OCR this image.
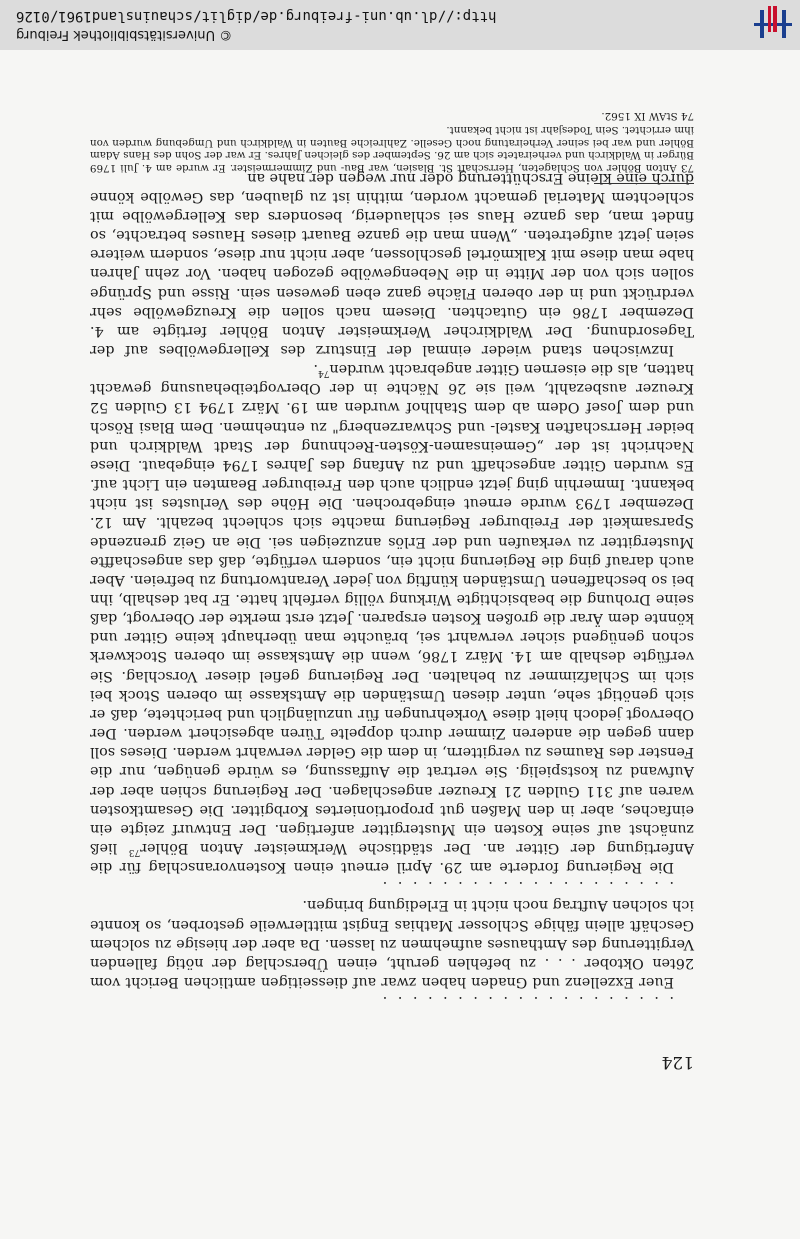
© Universitätsbibliothek Freiburg
http://dl.ub.uni-freiburg.de/diglit/schauinsland1961/0126
124

. . . . . . . . . . . . . . . . . . . .

Euer Exzellenz und Gnaden haben zwar auf diesseitigen amtlichen Bericht vom 26ten Oktober . . . zu befehlen geruht, einen Überschlag der nötig fallenden Vergitterung des Amthauses aufnehmen zu lassen. Da aber der hiesige zu solchem Geschäft allein fähige Schlosser Mathias Engist mittlerweile gestorben, so konnte ich solchen Auftrag noch nicht in Erledigung bringen.

. . . . . . . . . . . . . . . . . . . .

Die Regierung forderte am 29. April erneut einen Kostenvoranschlag für die Anfertigung der Gitter an. Der städtische Werkmeister Anton Böhler$^{73}$ ließ zunächst auf seine Kosten ein Mustergitter anfertigen. Der Entwurf zeigte ein einfaches, aber in den Maßen gut proportioniertes Korbgitter. Die Gesamtkosten waren auf 311 Gulden 21 Kreuzer angeschlagen. Der Regierung schien aber der Aufwand zu kostspielig. Sie vertrat die Auffassung, es würde genügen, nur die Fenster des Raumes zu vergittern, in dem die Gelder verwahrt werden. Dieses soll dann gegen die anderen Zimmer durch doppelte Türen abgesichert werden. Der Obervogt jedoch hielt diese Vorkehrungen für unzulänglich und berichtete, daß er sich genötigt sehe, unter diesen Umständen die Amtskasse im oberen Stock bei sich im Schlafzimmer zu behalten. Der Regierung gefiel dieser Vorschlag. Sie verfügte deshalb am 14. März 1786, wenn die Amtskasse im oberen Stockwerk schon genügend sicher verwahrt sei, bräuchte man überhaupt keine Gitter und könnte dem Ärar die großen Kosten ersparen. Jetzt erst merkte der Obervogt, daß seine Drohung die beabsichtigte Wirkung völlig verfehlt hatte. Er bat deshalb, ihn bei so beschaffenen Umständen künftig von jeder Verantwortung zu befreien. Aber auch darauf ging die Regierung nicht ein, sondern verfügte, daß das angeschaffte Mustergitter zu verkaufen und der Erlös anzuzeigen sei. Die an Geiz grenzende Sparsamkeit der Freiburger Regierung machte sich schlecht bezahlt. Am 12. Dezember 1793 wurde erneut eingebrochen. Die Höhe des Verlustes ist nicht bekannt. Immerhin ging jetzt endlich auch den Freiburger Beamten ein Licht auf. Es wurden Gitter angeschafft und zu Anfang des Jahres 1794 eingebaut. Diese Nachricht ist der „Gemeinsamen-Kösten-Rechnung der Stadt Waldkirch und beider Herrschaften Kastel- und Schwarzenberg" zu entnehmen. Dem Blasi Rösch und dem Josef Odem ab dem Stahlhof wurden am 19. März 1794 13 Gulden 52 Kreuzer ausbezahlt, weil sie 26 Nächte in der Obervogteibehausung gewacht hatten, als die eisernen Gitter angebracht wurden$^{74}$.

Inzwischen stand wieder einmal der Einsturz des Kellergewölbes auf der Tagesordnung. Der Waldkircher Werkmeister Anton Böhler fertigte am 4. Dezember 1786 ein Gutachten. Diesem nach sollen die Kreuzgewölbe sehr verdrückt und in der oberen Fläche ganz eben gewesen sein. Risse und Sprünge sollen sich von der Mitte in die Nebengewölbe gezogen haben. Vor zehn Jahren habe man diese mit Kalkmörtel geschlossen, aber nicht nur diese, sondern weitere seien jetzt aufgetreten. „Wenn man die ganze Bauart dieses Hauses betrachte, so findet man, das ganze Haus sei schlauderig, besonders das Kellergewölbe mit schlechtem Material gemacht worden, mithin ist zu glauben, das Gewölbe könne durch eine kleine Erschütterung oder nur wegen der nahe an

73 Anton Böhler von Schlageten, Herrschaft St. Blasien, war Bau- und Zimmermeister. Er wurde am 4. Juli 1769 Bürger in Waldkirch und verheiratete sich am 26. September des gleichen Jahres. Er war der Sohn des Hans Adam Böhler und war bei seiner Verheiratung noch Geselle. Zahlreiche Bauten in Waldkirch und Umgebung wurden von ihm errichtet. Sein Todesjahr ist nicht bekannt.

74 StAW IX 1562.
